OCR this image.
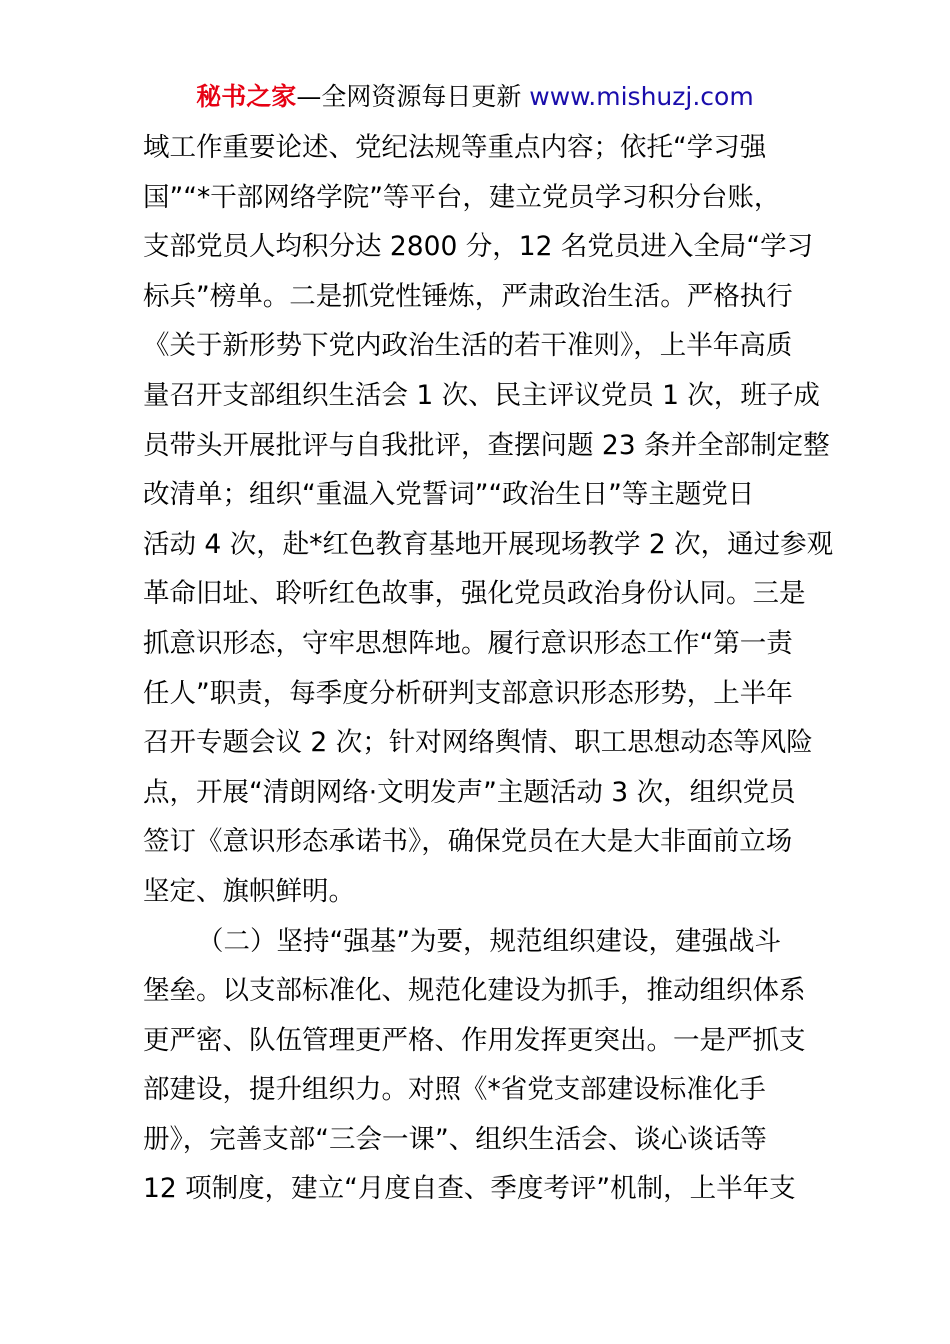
秘书之家—全网资源每日更新 www.mishuzj.com
域工作重要论述、党纪法规等重点内容；依托“学习强
国”“*干部网络学院”等平台，建立党员学习积分台账，
支部党员人均积分达 2800 分，12 名党员进入全局“学习
标兵”榜单。二是抓党性锤炼，严肃政治生活。严格执行
《关于新形势下党内政治生活的若干准则》，上半年高质
量召开支部组织生活会 1 次、民主评议党员 1 次，班子成
员带头开展批评与自我批评，查摆问题 23 条并全部制定整
改清单；组织“重温入党誓词”“政治生日”等主题党日
活动 4 次，赴*红色教育基地开展现场教学 2 次，通过参观
革命旧址、聆听红色故事，强化党员政治身份认同。三是
抓意识形态，守牢思想阵地。履行意识形态工作“第一责
任人”职责，每季度分析研判支部意识形态形势，上半年
召开专题会议 2 次；针对网络舆情、职工思想动态等风险
点，开展“清朗网络·文明发声”主题活动 3 次，组织党员
签订《意识形态承诺书》，确保党员在大是大非面前立场
坚定、旗帜鲜明。
（二）坚持“强基”为要，规范组织建设，建强战斗
堡垒。以支部标准化、规范化建设为抓手，推动组织体系
更严密、队伍管理更严格、作用发挥更突出。一是严抓支
部建设，提升组织力。对照《*省党支部建设标准化手
册》，完善支部“三会一课”、组织生活会、谈心谈话等
12 项制度，建立“月度自查、季度考评”机制，上半年支
